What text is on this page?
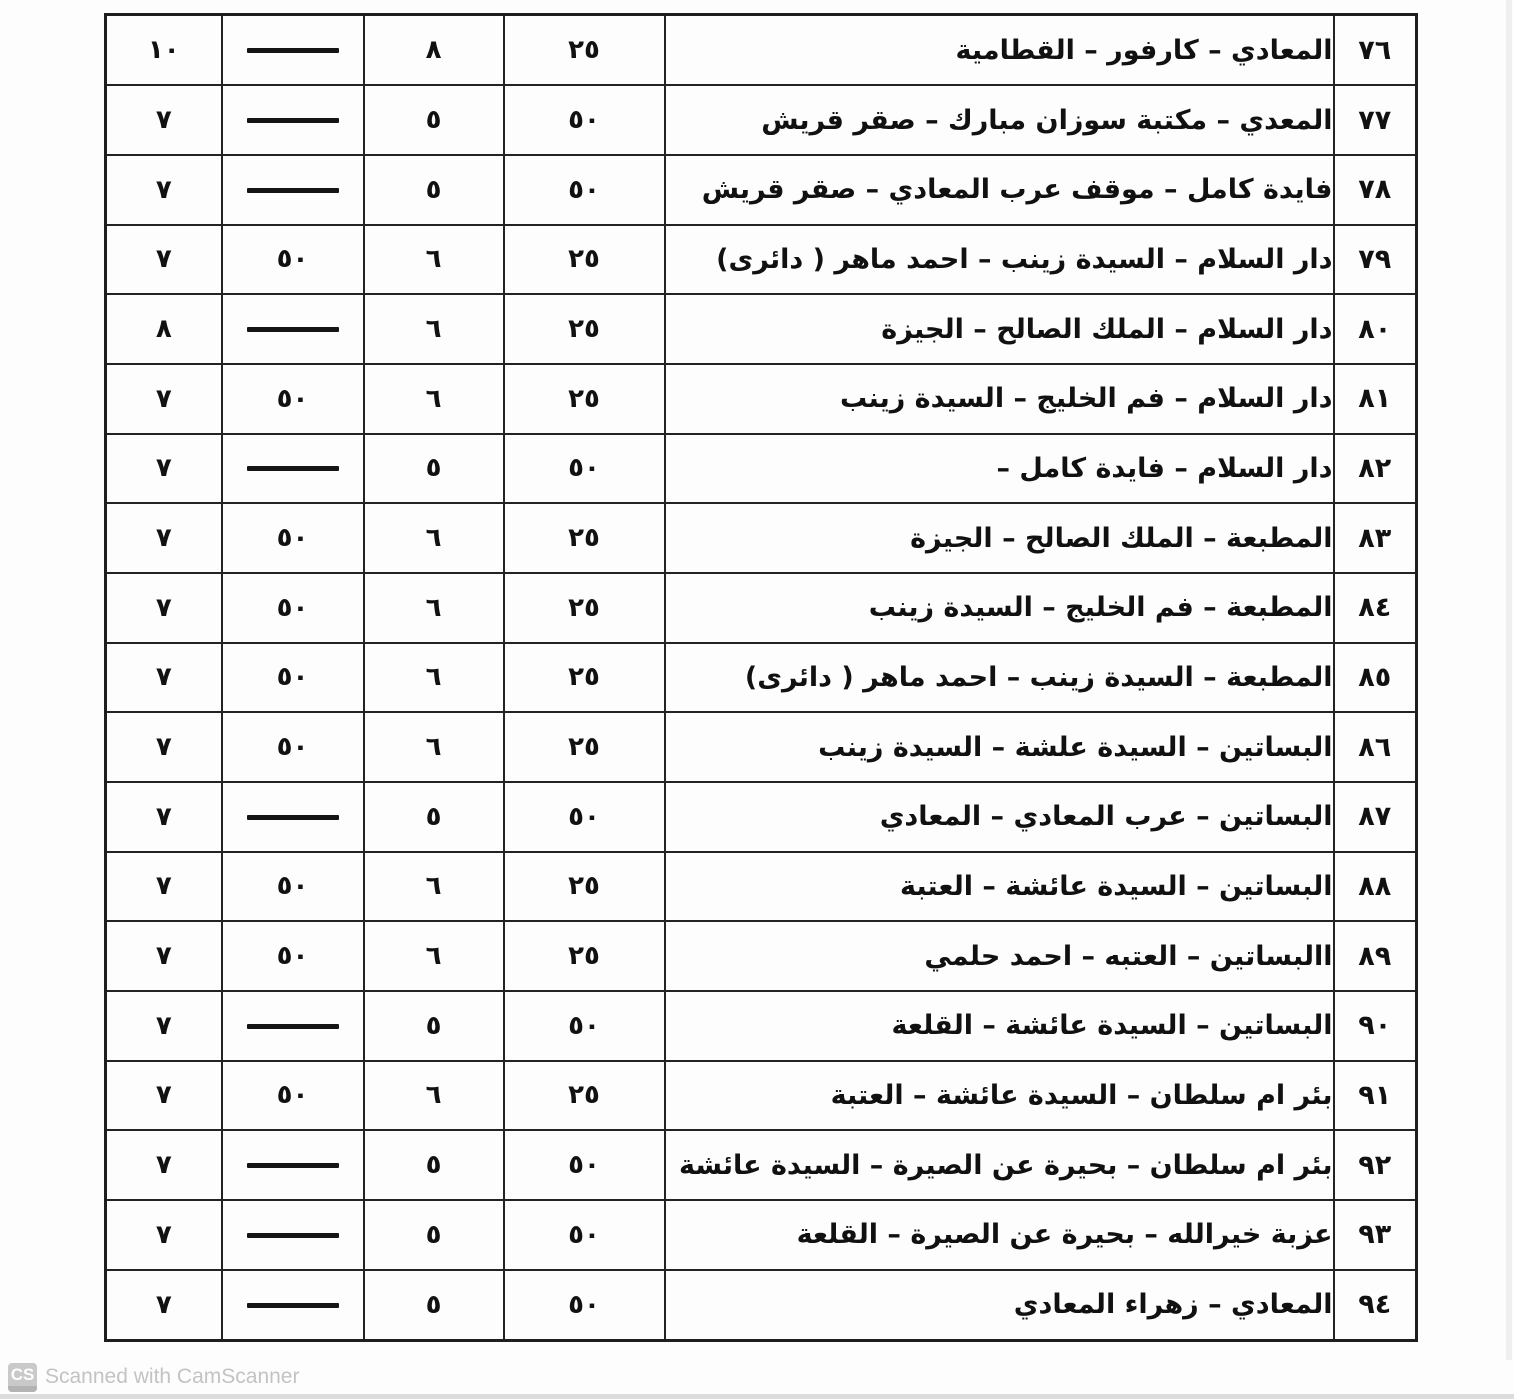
٧٦	المعادي – كارفور – القطامية	٢٥	٨		١٠
٧٧	المعدي – مكتبة سوزان مبارك – صقر قريش	٥٠	٥		٧
٧٨	فايدة كامل – موقف عرب المعادي – صقر قريش	٥٠	٥		٧
٧٩	دار السلام – السيدة زينب – احمد ماهر ( دائرى)	٢٥	٦	٥٠	٧
٨٠	دار السلام – الملك الصالح – الجيزة	٢٥	٦		٨
٨١	دار السلام – فم الخليج – السيدة زينب	٢٥	٦	٥٠	٧
٨٢	دار السلام – فايدة كامل –	٥٠	٥		٧
٨٣	المطبعة – الملك الصالح – الجيزة	٢٥	٦	٥٠	٧
٨٤	المطبعة – فم الخليج – السيدة زينب	٢٥	٦	٥٠	٧
٨٥	المطبعة – السيدة زينب – احمد ماهر ( دائرى)	٢٥	٦	٥٠	٧
٨٦	البساتين – السيدة علشة – السيدة زينب	٢٥	٦	٥٠	٧
٨٧	البساتين – عرب المعادي – المعادي	٥٠	٥		٧
٨٨	البساتين – السيدة عائشة – العتبة	٢٥	٦	٥٠	٧
٨٩	االبساتين – العتبه – احمد حلمي	٢٥	٦	٥٠	٧
٩٠	البساتين – السيدة عائشة – القلعة	٥٠	٥		٧
٩١	بئر ام سلطان – السيدة عائشة – العتبة	٢٥	٦	٥٠	٧
٩٢	بئر ام سلطان – بحيرة عن الصيرة – السيدة عائشة	٥٠	٥		٧
٩٣	عزبة خيرالله – بحيرة عن الصيرة – القلعة	٥٠	٥		٧
٩٤	المعادي – زهراء المعادي	٥٠	٥		٧
CS Scanned with CamScanner
